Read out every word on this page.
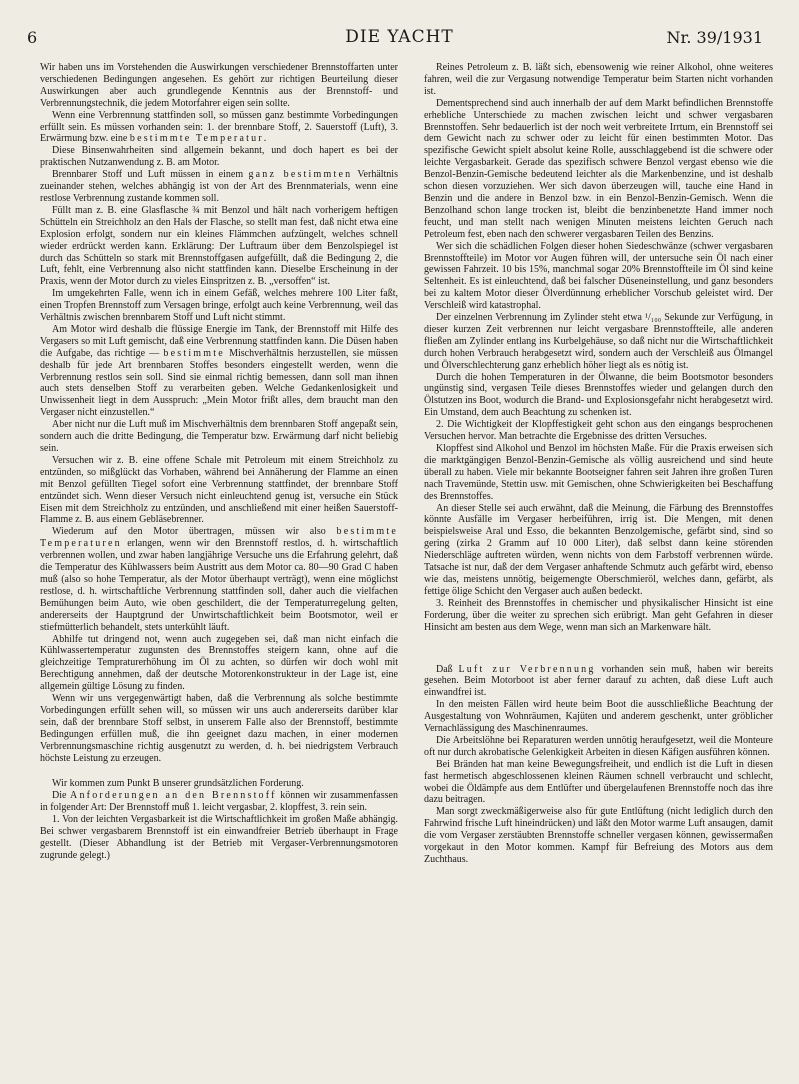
6	DIE YACHT	Nr. 39/1931

Wir haben uns im Vorstehenden die Auswirkungen verschiedener Brennstoffarten unter verschiedenen Bedingungen angesehen. Es gehört zur richtigen Beurteilung dieser Auswirkungen aber auch grundlegende Kenntnis aus der Brennstoff- und Verbrennungstechnik, die jedem Motorfahrer eigen sein sollte.

Wenn eine Verbrennung stattfinden soll, so müssen ganz bestimmte Vorbedingungen erfüllt sein. Es müssen vorhanden sein: 1. der brennbare Stoff, 2. Sauerstoff (Luft), 3. Erwärmung bzw. eine bestimmte Temperatur.

Diese Binsenwahrheiten sind allgemein bekannt, und doch hapert es bei der praktischen Nutzanwendung z. B. am Motor.

Brennbarer Stoff und Luft müssen in einem ganz bestimmten Verhältnis zueinander stehen, welches abhängig ist von der Art des Brennmaterials, wenn eine restlose Verbrennung zustande kommen soll.

Füllt man z. B. eine Glasflasche ¾ mit Benzol und hält nach vorherigem heftigen Schütteln ein Streichholz an den Hals der Flasche, so stellt man fest, daß nicht etwa eine Explosion erfolgt, sondern nur ein kleines Flämmchen aufzüngelt, welches schnell wieder erdrückt werden kann. Erklärung: Der Luftraum über dem Benzolspiegel ist durch das Schütteln so stark mit Brennstoffgasen aufgefüllt, daß die Bedingung 2, die Luft, fehlt, eine Verbrennung also nicht stattfinden kann. Dieselbe Erscheinung in der Praxis, wenn der Motor durch zu vieles Einspritzen z. B. „versoffen“ ist.

Im umgekehrten Falle, wenn ich in einem Gefäß, welches mehrere 100 Liter faßt, einen Tropfen Brennstoff zum Versagen bringe, erfolgt auch keine Verbrennung, weil das Verhältnis zwischen brennbarem Stoff und Luft nicht stimmt.

Am Motor wird deshalb die flüssige Energie im Tank, der Brennstoff mit Hilfe des Vergasers so mit Luft gemischt, daß eine Verbrennung stattfinden kann. Die Düsen haben die Aufgabe, das richtige — bestimmte Mischverhältnis herzustellen, sie müssen deshalb für jede Art brennbaren Stoffes besonders eingestellt werden, wenn die Verbrennung restlos sein soll. Sind sie einmal richtig bemessen, dann soll man ihnen auch stets denselben Stoff zu verarbeiten geben. Welche Gedankenlosigkeit und Unwissenheit liegt in dem Ausspruch: „Mein Motor frißt alles, dem braucht man den Vergaser nicht einzustellen.“

Aber nicht nur die Luft muß im Mischverhältnis dem brennbaren Stoff angepaßt sein, sondern auch die dritte Bedingung, die Temperatur bzw. Erwärmung darf nicht beliebig sein.

Versuchen wir z. B. eine offene Schale mit Petroleum mit einem Streichholz zu entzünden, so mißglückt das Vorhaben, während bei Annäherung der Flamme an einen mit Benzol gefüllten Tiegel sofort eine Verbrennung stattfindet, der brennbare Stoff entzündet sich. Wenn dieser Versuch nicht einleuchtend genug ist, versuche ein Stück Eisen mit dem Streichholz zu entzünden, und anschließend mit einer heißen Sauerstoff-Flamme z. B. aus einem Gebläsebrenner.

Wiederum auf den Motor übertragen, müssen wir also bestimmte Temperaturen erlangen, wenn wir den Brennstoff restlos, d. h. wirtschaftlich verbrennen wollen, und zwar haben langjährige Versuche uns die Erfahrung gelehrt, daß die Temperatur des Kühlwassers beim Austritt aus dem Motor ca. 80—90 Grad C haben muß (also so hohe Temperatur, als der Motor überhaupt verträgt), wenn eine möglichst restlose, d. h. wirtschaftliche Verbrennung stattfinden soll, daher auch die vielfachen Bemühungen beim Auto, wie oben geschildert, die der Temperaturregelung gelten, andererseits der Hauptgrund der Unwirtschaftlichkeit beim Bootsmotor, weil er stiefmütterlich behandelt, stets unterkühlt läuft.

Abhilfe tut dringend not, wenn auch zugegeben sei, daß man nicht einfach die Kühlwassertemperatur zugunsten des Brennstoffes steigern kann, ohne auf die gleichzeitige Tempraturerhöhung im Öl zu achten, so dürfen wir doch wohl mit Berechtigung annehmen, daß der deutsche Motorenkonstrukteur in der Lage ist, eine allgemein gültige Lösung zu finden.

Wenn wir uns vergegenwärtigt haben, daß die Verbrennung als solche bestimmte Vorbedingungen erfüllt sehen will, so müssen wir uns auch andererseits darüber klar sein, daß der brennbare Stoff selbst, in unserem Falle also der Brennstoff, bestimmte Bedingungen erfüllen muß, die ihn geeignet dazu machen, in einer modernen Verbrennungsmaschine richtig ausgenutzt zu werden, d. h. bei niedrigstem Verbrauch höchste Leistung zu erzeugen.

Wir kommen zum Punkt B unserer grundsätzlichen Forderung.

Die Anforderungen an den Brennstoff können wir zusammenfassen in folgender Art: Der Brennstoff muß 1. leicht vergasbar, 2. klopffest, 3. rein sein.

1. Von der leichten Vergasbarkeit ist die Wirtschaftlichkeit im großen Maße abhängig. Bei schwer vergasbarem Brennstoff ist ein einwandfreier Betrieb überhaupt in Frage gestellt. (Dieser Abhandlung ist der Betrieb mit Vergaser-Verbrennungsmotoren zugrunde gelegt.)

Reines Petroleum z. B. läßt sich, ebensowenig wie reiner Alkohol, ohne weiteres fahren, weil die zur Vergasung notwendige Temperatur beim Starten nicht vorhanden ist.

Dementsprechend sind auch innerhalb der auf dem Markt befindlichen Brennstoffe erhebliche Unterschiede zu machen zwischen leicht und schwer vergasbaren Brennstoffen. Sehr bedauerlich ist der noch weit verbreitete Irrtum, ein Brennstoff sei dem Gewicht nach zu schwer oder zu leicht für einen bestimmten Motor. Das spezifische Gewicht spielt absolut keine Rolle, ausschlaggebend ist die schwere oder leichte Vergasbarkeit. Gerade das spezifisch schwere Benzol vergast ebenso wie die Benzol-Benzin-Gemische bedeutend leichter als die Markenbenzine, und ist deshalb schon diesen vorzuziehen. Wer sich davon überzeugen will, tauche eine Hand in Benzin und die andere in Benzol bzw. in ein Benzol-Benzin-Gemisch. Wenn die Benzolhand schon lange trocken ist, bleibt die benzinbenetzte Hand immer noch feucht, und man stellt nach wenigen Minuten meistens leichten Geruch nach Petroleum fest, eben nach den schwerer vergasbaren Teilen des Benzins.

Wer sich die schädlichen Folgen dieser hohen Siedeschwänze (schwer vergasbaren Brennstoffteile) im Motor vor Augen führen will, der untersuche sein Öl nach einer gewissen Fahrzeit. 10 bis 15%, manchmal sogar 20% Brennstoffteile im Öl sind keine Seltenheit. Es ist einleuchtend, daß bei falscher Düseneinstellung, und ganz besonders bei zu kaltem Motor dieser Ölverdünnung erheblicher Vorschub geleistet wird. Der Verschleiß wird katastrophal.

Der einzelnen Verbrennung im Zylinder steht etwa ¹/₁₀₀ Sekunde zur Verfügung, in dieser kurzen Zeit verbrennen nur leicht vergasbare Brennstoffteile, alle anderen fließen am Zylinder entlang ins Kurbelgehäuse, so daß nicht nur die Wirtschaftlichkeit durch hohen Verbrauch herabgesetzt wird, sondern auch der Verschleiß aus Ölmangel und Ölverschlechterung ganz erheblich höher liegt als es nötig ist.

Durch die hohen Temperaturen in der Ölwanne, die beim Bootsmotor besonders ungünstig sind, vergasen Teile dieses Brennstoffes wieder und gelangen durch den Ölstutzen ins Boot, wodurch die Brand- und Explosionsgefahr nicht herabgesetzt wird. Ein Umstand, dem auch Beachtung zu schenken ist.

2. Die Wichtigkeit der Klopffestigkeit geht schon aus den eingangs besprochenen Versuchen hervor. Man betrachte die Ergebnisse des dritten Versuches.

Klopffest sind Alkohol und Benzol im höchsten Maße. Für die Praxis erweisen sich die marktgängigen Benzol-Benzin-Gemische als völlig ausreichend und sind heute überall zu haben. Viele mir bekannte Bootseigner fahren seit Jahren ihre großen Turen nach Travemünde, Stettin usw. mit Gemischen, ohne Schwierigkeiten bei Beschaffung des Brennstoffes.

An dieser Stelle sei auch erwähnt, daß die Meinung, die Färbung des Brennstoffes könnte Ausfälle im Vergaser herbeiführen, irrig ist. Die Mengen, mit denen beispielsweise Aral und Esso, die bekannten Benzolgemische, gefärbt sind, sind so gering (zirka 2 Gramm auf 10 000 Liter), daß selbst dann keine störenden Niederschläge auftreten würden, wenn nichts von dem Farbstoff verbrennen würde. Tatsache ist nur, daß der dem Vergaser anhaftende Schmutz auch gefärbt wird, ebenso wie das, meistens unnötig, beigemengte Oberschmieröl, welches dann, gefärbt, als fettige ölige Schicht den Vergaser auch außen bedeckt.

3. Reinheit des Brennstoffes in chemischer und physikalischer Hinsicht ist eine Forderung, über die weiter zu sprechen sich erübrigt. Man geht Gefahren in dieser Hinsicht am besten aus dem Wege, wenn man sich an Markenware hält.

Daß Luft zur Verbrennung vorhanden sein muß, haben wir bereits gesehen. Beim Motorboot ist aber ferner darauf zu achten, daß diese Luft auch einwandfrei ist.

In den meisten Fällen wird heute beim Boot die ausschließliche Beachtung der Ausgestaltung von Wohnräumen, Kajüten und anderem geschenkt, unter gröblicher Vernachlässigung des Maschinenraumes.

Die Arbeitslöhne bei Reparaturen werden unnötig heraufgesetzt, weil die Monteure oft nur durch akrobatische Gelenkigkeit Arbeiten in diesen Käfigen ausführen können.

Bei Bränden hat man keine Bewegungsfreiheit, und endlich ist die Luft in diesen fast hermetisch abgeschlossenen kleinen Räumen schnell verbraucht und schlecht, wobei die Öldämpfe aus dem Entlüfter und übergelaufenen Brennstoffe noch das ihre dazu beitragen.

Man sorgt zweckmäßigerweise also für gute Entlüftung (nicht lediglich durch den Fahrwind frische Luft hineindrücken) und läßt den Motor warme Luft ansaugen, damit die vom Vergaser zerstäubten Brennstoffe schneller vergasen können, gewissermaßen vorgekaut in den Motor kommen. Kampf für Befreiung des Motors aus dem Zuchthaus.
